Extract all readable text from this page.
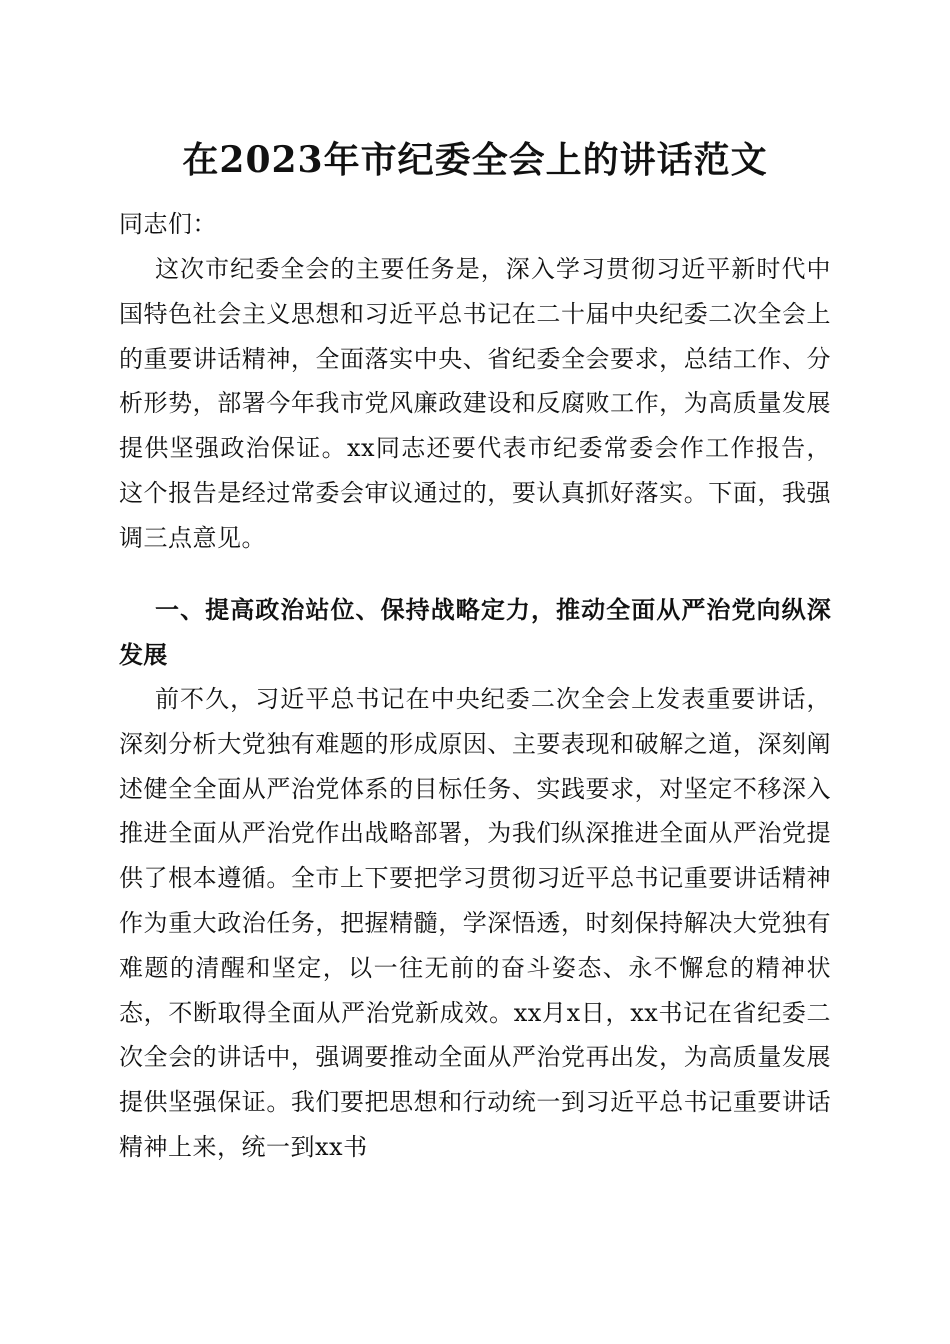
在2023年市纪委全会上的讲话范文

同志们：

这次市纪委全会的主要任务是，深入学习贯彻习近平新时代中国特色社会主义思想和习近平总书记在二十届中央纪委二次全会上的重要讲话精神，全面落实中央、省纪委全会要求，总结工作、分析形势，部署今年我市党风廉政建设和反腐败工作，为高质量发展提供坚强政治保证。xx同志还要代表市纪委常委会作工作报告，这个报告是经过常委会审议通过的，要认真抓好落实。下面，我强调三点意见。

一、提高政治站位、保持战略定力，推动全面从严治党向纵深发展

前不久，习近平总书记在中央纪委二次全会上发表重要讲话，深刻分析大党独有难题的形成原因、主要表现和破解之道，深刻阐述健全全面从严治党体系的目标任务、实践要求，对坚定不移深入推进全面从严治党作出战略部署，为我们纵深推进全面从严治党提供了根本遵循。全市上下要把学习贯彻习近平总书记重要讲话精神作为重大政治任务，把握精髓，学深悟透，时刻保持解决大党独有难题的清醒和坚定，以一往无前的奋斗姿态、永不懈怠的精神状态，不断取得全面从严治党新成效。xx月x日，xx书记在省纪委二次全会的讲话中，强调要推动全面从严治党再出发，为高质量发展提供坚强保证。我们要把思想和行动统一到习近平总书记重要讲话精神上来，统一到xx书
